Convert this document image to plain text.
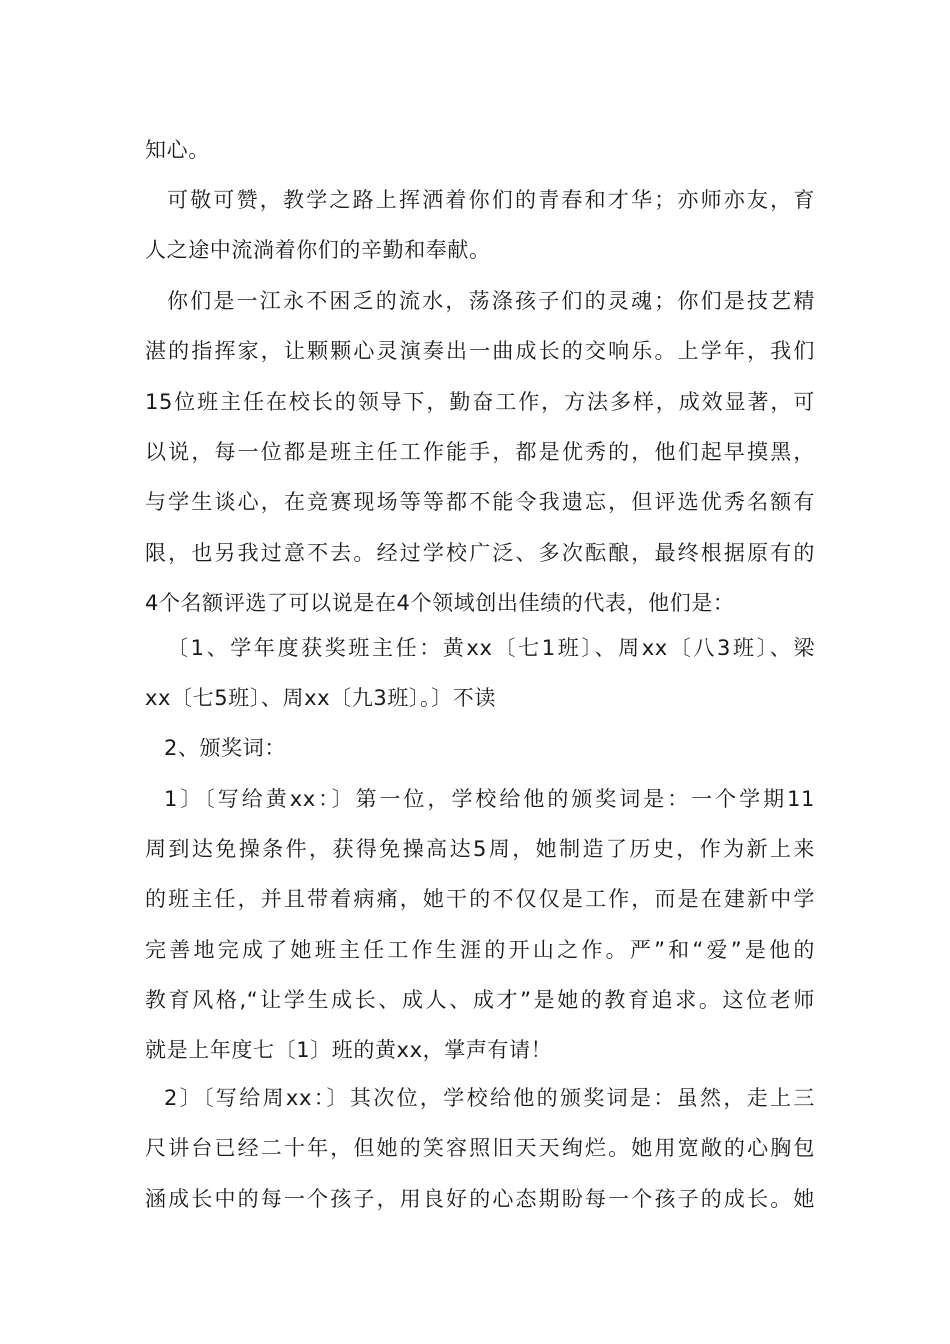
知心。

可敬可赞，教学之路上挥洒着你们的青春和才华；亦师亦友，育

人之途中流淌着你们的辛勤和奉献。

你们是一江永不困乏的流水，荡涤孩子们的灵魂；你们是技艺精

湛的指挥家，让颗颗心灵演奏出一曲成长的交响乐。上学年，我们

15位班主任在校长的领导下，勤奋工作，方法多样，成效显著，可

以说，每一位都是班主任工作能手，都是优秀的，他们起早摸黑，

与学生谈心，在竞赛现场等等都不能令我遗忘，但评选优秀名额有

限，也另我过意不去。经过学校广泛、多次酝酿，最终根据原有的

4个名额评选了可以说是在4个领域创出佳绩的代表，他们是：

〔1、学年度获奖班主任：黄xx〔七1班〕、周xx〔八3班〕、梁

xx〔七5班〕、周xx〔九3班〕。〕不读

2、颁奖词：

1〕〔写给黄xx：〕第一位，学校给他的颁奖词是：一个学期11

周到达免操条件，获得免操高达5周，她制造了历史，作为新上来

的班主任，并且带着病痛，她干的不仅仅是工作，而是在建新中学

完善地完成了她班主任工作生涯的开山之作。严”和“爱”是他的

教育风格,“让学生成长、成人、成才”是她的教育追求。这位老师

就是上年度七〔1〕班的黄xx，掌声有请！

2〕〔写给周xx：〕其次位，学校给他的颁奖词是：虽然，走上三

尺讲台已经二十年，但她的笑容照旧天天绚烂。她用宽敞的心胸包

涵成长中的每一个孩子，用良好的心态期盼每一个孩子的成长。她
